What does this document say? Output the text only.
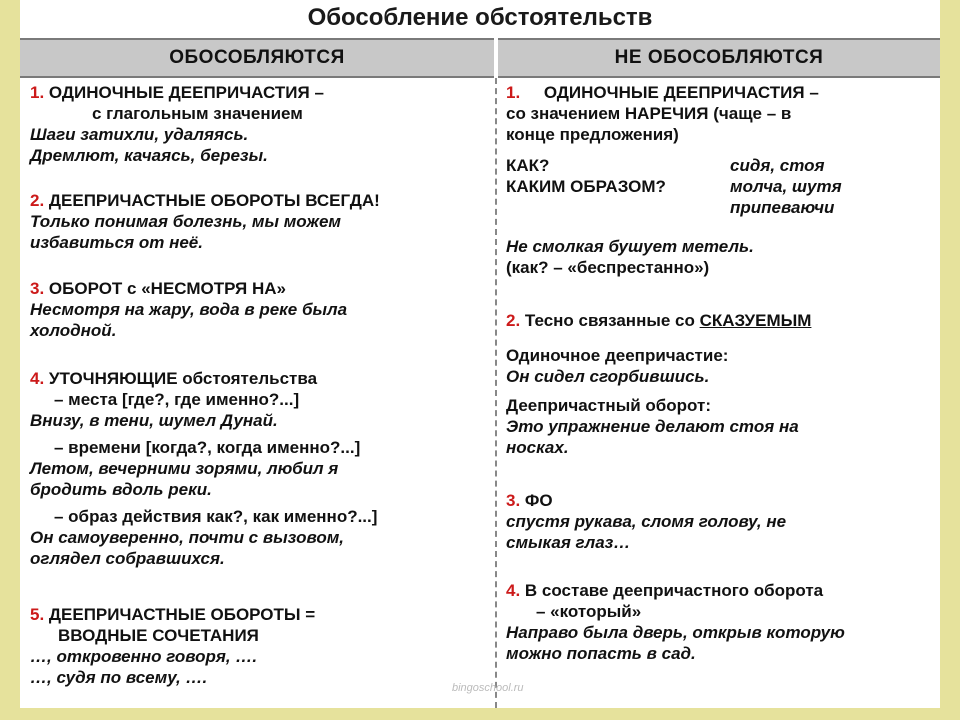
Обособление обстоятельств
ОБОСОБЛЯЮТСЯ	НЕ ОБОСОБЛЯЮТСЯ
1. ОДИНОЧНЫЕ ДЕЕПРИЧАСТИЯ –
с глагольным значением
Шаги затихли, удаляясь.
Дремлют, качаясь, березы.
2. ДЕЕПРИЧАСТНЫЕ ОБОРОТЫ ВСЕГДА!
Только понимая болезнь, мы можем
избавиться от неё.
3. ОБОРОТ с «НЕСМОТРЯ НА»
Несмотря на жару, вода в реке была
холодной.
4. УТОЧНЯЮЩИЕ обстоятельства
– места [где?, где именно?...]
Внизу, в тени, шумел Дунай.
– времени [когда?, когда именно?...]
Летом, вечерними зорями, любил я
бродить вдоль реки.
– образ действия как?, как именно?...]
Он самоуверенно, почти с вызовом,
оглядел собравшихся.
5. ДЕЕПРИЧАСТНЫЕ ОБОРОТЫ =
ВВОДНЫЕ СОЧЕТАНИЯ
…, откровенно говоря, ….
…, судя по всему, ….
1. ОДИНОЧНЫЕ ДЕЕПРИЧАСТИЯ –
со значением НАРЕЧИЯ (чаще – в
конце предложения)
КАК?	сидя, стоя
КАКИМ ОБРАЗОМ?	молча, шутя
припеваючи
Не смолкая бушует метель.
(как? – «беспрестанно»)
2. Тесно связанные со СКАЗУЕМЫМ
Одиночное деепричастие:
Он сидел сгорбившись.
Деепричастный оборот:
Это упражнение делают стоя на
носках.
3. ФО
спустя рукава, сломя голову, не
смыкая глаз…
4. В составе деепричастного оборота
– «который»
Направо была дверь, открыв которую
можно попасть в сад.
bingoschool.ru
